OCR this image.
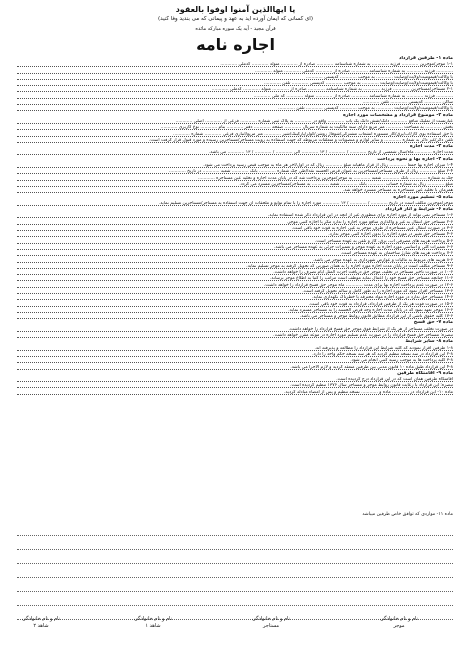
یا ایهاالذین آمنوا اوفوا بالعقود
(ای کسانی که ایمان آورده اید به عهد و پیمانی که می بندید وفا کنید)
قرآن مجید - آیه یک سوره مبارکه مائده
اجاره نامه
ماده ۱- طرفین قرارداد
۱-۱ موجر/موجرین ............ فرزند ............ به شماره شناسنامه ............ صادره از ............ متولد ............ کدملی ............
............ فرزند ............ به شماره شناسنامه ............ صادره از ............ کدملی ............ متولد ............
با وکالت/قیمومیت/ولایت/وصایت ............ به موجب ............ کدپستی ............
با وکالت/قیمومیت/ولایت/وصایت/وصایت ............ به موجب ............ کدپستی ............ تلفن ............
۲-۱ مستاجر/مستاجرین ............ فرزند ............ به شماره شناسنامه ............ صادره از ............ متولد ............ کدملی ............
............ فرزند ............ به شماره شناسنامه ............ صادره از ............ متولد ............ کد ملی ............
ساکن ............ کدپستی ............ تلفن ............
با وکالت/قیمومیت/ولایت/وصایت ............ به موجب ............ کدپستی ............ تلفن ............
ماده ۲- موضوع قرارداد و مشخصات مورد اجاره
عبارتست از تملیک منافع ............ دانگ/شش دانگ یک باب ............ واقع در ............ به پلاک ثبتی شماره ............ فرعی از ............ اصلی ............
بخش ............ به مساحت ............ متر مربع دارای سند مالکیت به شماره سریال ............ صفحه ............ دفتر ............ بنام ............ نوع کاربری ............
با حق استفاده بوی گاز/آب/برق/کار مستوره انشعاب مشترکی/شوفاژ روشن/کولر/پارکینگ/شیر ............ متر مربع/انباری فرعی ............ شماره ............
تلفن دائر/غیر دائر به شماره ............ و سایر لوازم و منصوبات و متعلقات مربوطه که جهت استفاده به رویت مستاجر/مستاجرین رسیده و مورد قبول قرار گرفت است.
ماده ۳- مدت اجاره
مدت اجاره ............ ماه/سال شمسی از تاریخ ............ / ............ / ۱۳ ............ الی ............ / ............ / ۱۳ ............ می باشد.
ماده ۴- اجاره بها و نحوه پرداخت
۱-۴ میزان اجاره بها جمعاً ............ ریال از قرار ماهیانه مبلغ ............ ریال که در اول/آخر هر ماه به موجب قبض رسید پرداخت می شود.
۲-۴ مبلغ ............ ریال از طرف مستاجر/مستاجرین به عنوان قرض الحسنه نقداً/طی چک شماره ............ بانک ............ شعبه ............ در تاریخ ............
چک به شماره ............ بانک ............ شعبه ............ به موجر/موجرین پرداخت شد که در پایان مدت اجاره و تخلیه عین مستاجره ............
مبلغ ............ ریال به شماره حساب ............ بانک ............ شعبه ............ به مستاجر/مستاجرین مسترد می گردد.
همزمان با تخلیه عین مستاجره به مستاجر مسترد خواهد شد.
ماده ۵- تسلیم مورد اجاره
موجر/موجرین مکلف است در تاریخ ............ / ............ / ۱۳ ............ مورد اجاره را با تمام توابع و ملحقات آن جهت استفاده به مستاجر/مستاجرین تسلیم نماید.
ماده ۶- شرایط و آثار قرارداد
۱-۶ مستاجر نمی تواند از مورد اجاره برای منظوری غیر از آنچه در این قرارداد ذکر شده استفاده نماید.
۲-۶ مستاجر حق انتقال به غیر و واگذاری منافع مورد اجاره را ندارد مگر با اجازه کتبی موجر.
۳-۶ در صورت انتقال عین مستاجره از طرف موجر به غیر، اجاره به قوت خود باقی است.
۴-۶ مستاجر حق تغییر در مورد اجاره را بدون اجازه کتبی موجر ندارد.
۵-۶ پرداخت هزینه های مصرفی آب، برق، گاز و تلفن به عهده مستاجر است.
۶-۶ تعمیرات کلی و اساسی مورد اجاره به عهده موجر و تعمیرات جزئی به عهده مستاجر می باشد.
۷-۶ پرداخت هزینه های شارژ ساختمان به عهده مستاجر است.
۸-۶ هزینه های مربوط به مالیات و عوارض شهرداری به عهده موجر می باشد.
۹-۶ مستاجر مکلف است در پایان مدت اجاره مورد اجاره را به همان صورتی که تحویل گرفته به موجر تسلیم نماید.
۱۰-۶ در صورت تأخیر مستاجر در تخلیه، موجر حق دریافت اجرت المثل ایام تصرف را خواهد داشت.
۱۱-۶ چنانچه مستاجر حق فسخ خود را اعمال نماید موظف است مراتب را کتباً به اطلاع موجر برساند.
۱۲-۶ در صورت عدم پرداخت اجاره بها برای مدت ............ ماه موجر حق فسخ قرارداد را خواهد داشت.
۱۳-۶ مستاجر اقرار نمود که مورد اجاره را به طور کامل و سالم تحویل گرفته است.
۱۴-۶ مستاجر حق ندارد در مورد اجاره مواد محترقه یا خطرناک نگهداری نماید.
۱۵-۶ در صورت فوت هر یک از طرفین قرارداد، قرارداد به قوت خود باقی است.
۱۶-۶ موجر تعهد نمود که در پایان مدت اجاره وجه قرض الحسنه را به مستاجر مسترد نماید.
۱۷-۶ کلیه حقوق ناشی از این قرارداد مطابق قانون روابط موجر و مستاجر می باشد.
ماده ۷- حق فسخ
در صورت تخلف مستاجر از هر یک از شرایط فوق موجر حق فسخ قرارداد را خواهد داشت.
تبصره: مستاجر حق فسخ قرارداد را در صورت عدم تسلیم مورد اجاره در موعد مقرر خواهد داشت.
ماده ۸- سایر شرایط
۱-۸ طرفین اقرار نمودند که کلیه شرایط این قرارداد را مطالعه و پذیرفته اند.
۲-۸ این قرارداد در سه نسخه تنظیم گردید که هر سه نسخه حکم واحد را دارد.
۳-۸ کلیه پرداخت ها به موجب رسید کتبی انجام می شود.
۴-۸ این قرارداد طبق ماده ۱۰ قانون مدنی بین طرفین منعقد گردید و لازم الاجرا می باشد.
ماده ۹- اقامتگاه طرفین
اقامتگاه طرفین همان است که در این قرارداد درج گردیده است.
تبصره: این قرارداد با رعایت قانون روابط موجر و مستاجر سال ۱۳۷۶ تنظیم گردیده است.
ماده ۱۰- این قرارداد در ............ ماده و ............ نسخه تنظیم و پس از امضاء مبادله گردید.
ماده ۱۱- مواردی که توافق خاص طرفین میباشد
نام و نام خانوادگی
موجر
نام و نام خانوادگی
مستاجر
نام و نام خانوادگی
شاهد ۱
نام و نام خانوادگی
شاهد ۲
